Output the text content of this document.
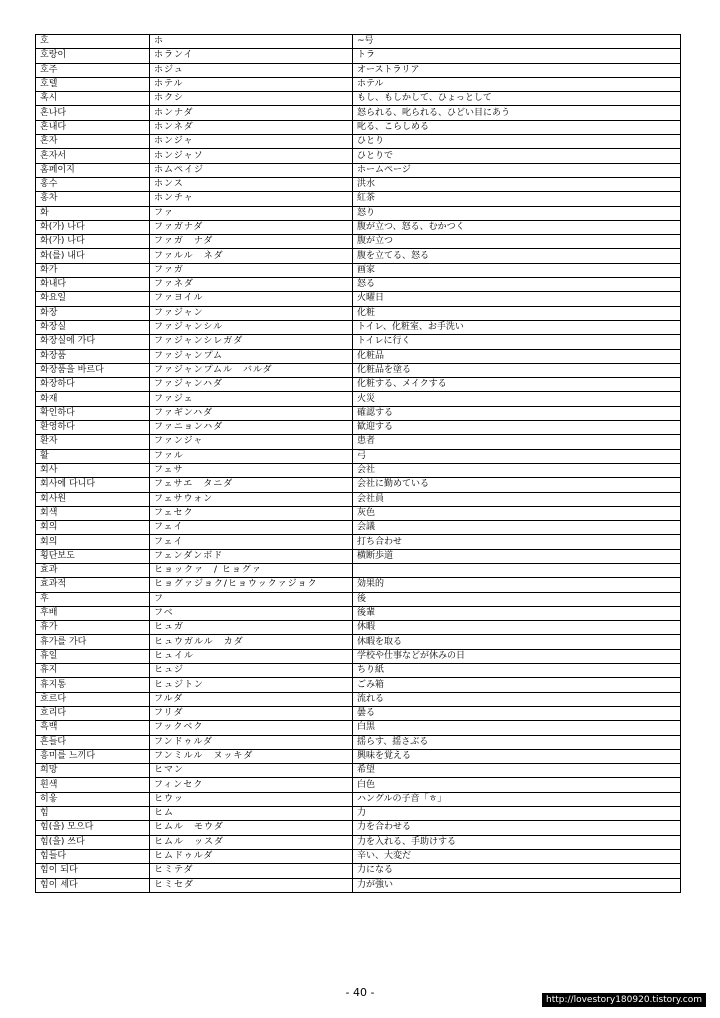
호	ホ	~号
호랑이	ホランイ	トラ
호주	ホジュ	オーストラリア
호텔	ホテル	ホテル
혹시	ホクシ	もし、もしかして、ひょっとして
혼나다	ホンナダ	怒られる、叱られる、ひどい目にあう
혼내다	ホンネダ	叱る、こらしめる
혼자	ホンジャ	ひとり
혼자서	ホンジャソ	ひとりで
홈페이지	ホムペイジ	ホームページ
홍수	ホンス	洪水
홍차	ホンチャ	紅茶
화	ファ	怒り
화(가) 나다	ファガナダ	腹が立つ、怒る、むかつく
화(가) 나다	ファガ　ナダ	腹が立つ
화(를) 내다	ファルル　ネダ	腹を立てる、怒る
화가	ファガ	画家
화내다	ファネダ	怒る
화요일	ファヨイル	火曜日
화장	ファジャン	化粧
화장실	ファジャンシル	トイレ、化粧室、お手洗い
화장실에 가다	ファジャンシレガダ	トイレに行く
화장품	ファジャンプム	化粧品
화장품을 바르다	ファジャンプムル　バルダ	化粧品を塗る
화장하다	ファジャンハダ	化粧する、メイクする
화재	ファジェ	火災
확인하다	ファギンハダ	確認する
환영하다	ファニョンハダ	歓迎する
환자	ファンジャ	患者
활	ファル	弓
회사	フェサ	会社
회사에 다니다	フェサエ　タニダ	会社に勤めている
회사원	フェサウォン	会社員
회색	フェセク	灰色
회의	フェイ	会議
회의	フェイ	打ち合わせ
횡단보도	フェンダンボド	横断歩道
효과	ヒョックァ　/ ヒョグァ	
효과적	ヒョグァジョク/ヒョウックァジョク	効果的
후	フ	後
후배	フベ	後輩
휴가	ヒュガ	休暇
휴가를 가다	ヒュウガルル　カダ	休暇を取る
휴일	ヒュイル	学校や仕事などが休みの日
휴지	ヒュジ	ちり紙
휴지통	ヒュジトン	ごみ箱
흐르다	フルダ	流れる
흐리다	フリダ	曇る
흑백	フックベク	白黒
흔들다	フンドゥルダ	揺らす、揺さぶる
흥미를 느끼다	フンミルル　ヌッキダ	興味を覚える
희망	ヒマン	希望
흰색	フィンセク	白色
히읗	ヒウッ	ハングルの子音「ㅎ」
힘	ヒム	力
힘(을) 모으다	ヒムル　モウダ	力を合わせる
힘(을) 쓰다	ヒムル　ッスダ	力を入れる、手助けする
힘들다	ヒムドゥルダ	辛い、大変だ
힘이 되다	ヒミテダ	力になる
힘이 세다	ヒミセダ	力が強い
- 40 -
http://lovestory180920.tistory.com
